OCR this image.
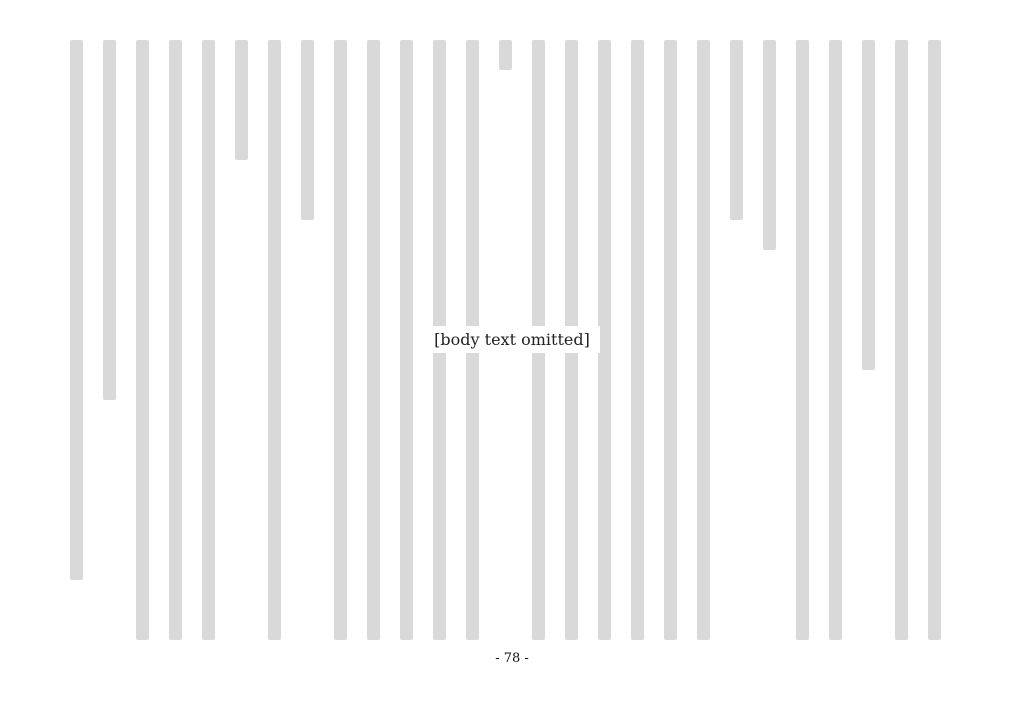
[body text omitted]
- 78 -
